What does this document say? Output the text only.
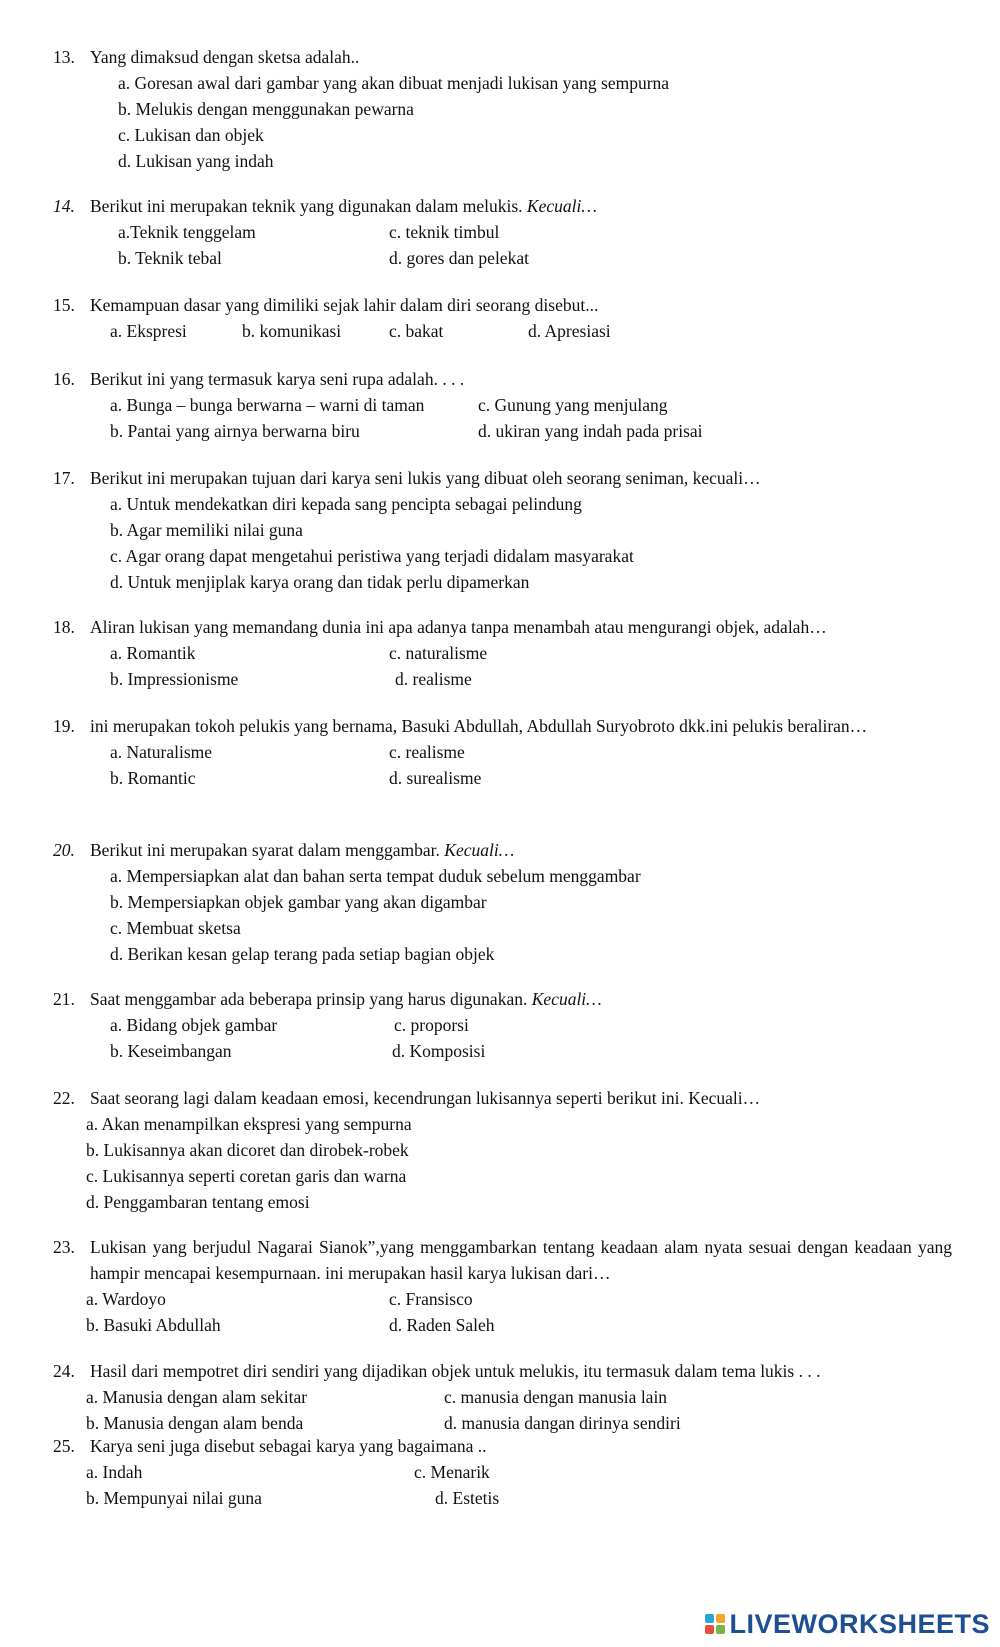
13. Yang dimaksud dengan sketsa adalah..
a. Goresan awal dari gambar yang akan dibuat menjadi lukisan yang sempurna
b. Melukis dengan menggunakan pewarna
c. Lukisan dan objek
d. Lukisan yang indah
14. Berikut ini merupakan teknik yang digunakan dalam melukis. Kecuali…
a.Teknik tenggelam	c. teknik timbul
b. Teknik tebal	d. gores dan pelekat
15. Kemampuan dasar yang dimiliki sejak lahir dalam diri seorang disebut...
a. Ekspresi	b. komunikasi	c. bakat	d. Apresiasi
16. Berikut ini yang termasuk karya seni rupa adalah. . . .
a. Bunga – bunga berwarna – warni di taman	c. Gunung yang menjulang
b. Pantai yang airnya berwarna biru	d. ukiran yang indah pada prisai
17. Berikut ini merupakan tujuan dari karya seni lukis yang dibuat oleh seorang seniman, kecuali…
a. Untuk mendekatkan diri kepada sang pencipta sebagai pelindung
b. Agar memiliki nilai guna
c. Agar orang dapat mengetahui peristiwa yang terjadi didalam masyarakat
d. Untuk menjiplak karya orang dan tidak perlu dipamerkan
18. Aliran lukisan yang memandang dunia ini apa adanya tanpa menambah atau mengurangi objek, adalah…
a. Romantik	c. naturalisme
b. Impressionisme	d. realisme
19. ini merupakan tokoh pelukis yang bernama, Basuki Abdullah, Abdullah Suryobroto dkk.ini pelukis beraliran…
a. Naturalisme	c. realisme
b. Romantic	d. surealisme
20. Berikut ini merupakan syarat dalam menggambar. Kecuali…
a. Mempersiapkan alat dan bahan serta tempat duduk sebelum menggambar
b. Mempersiapkan objek gambar yang akan digambar
c. Membuat sketsa
d. Berikan kesan gelap terang pada setiap bagian objek
21. Saat menggambar ada beberapa prinsip yang harus digunakan. Kecuali…
a. Bidang objek gambar	c. proporsi
b. Keseimbangan	d. Komposisi
22. Saat seorang lagi dalam keadaan emosi, kecendrungan lukisannya seperti berikut ini. Kecuali…
a. Akan menampilkan ekspresi yang sempurna
b. Lukisannya akan dicoret dan dirobek-robek
c. Lukisannya seperti coretan garis dan warna
d. Penggambaran tentang emosi
23. Lukisan yang berjudul Nagarai Sianok”,yang menggambarkan tentang keadaan alam nyata sesuai dengan keadaan yang hampir mencapai kesempurnaan. ini merupakan hasil karya lukisan dari…
a. Wardoyo	c. Fransisco
b. Basuki Abdullah	d. Raden Saleh
24. Hasil dari mempotret diri sendiri yang dijadikan objek untuk melukis, itu termasuk dalam tema lukis . . .
a. Manusia dengan alam sekitar	c. manusia dengan manusia lain
b. Manusia dengan alam benda	d. manusia dangan dirinya sendiri
25. Karya seni juga disebut sebagai karya yang bagaimana ..
a. Indah	c. Menarik
b. Mempunyai nilai guna	d. Estetis
LIVEWORKSHEETS
